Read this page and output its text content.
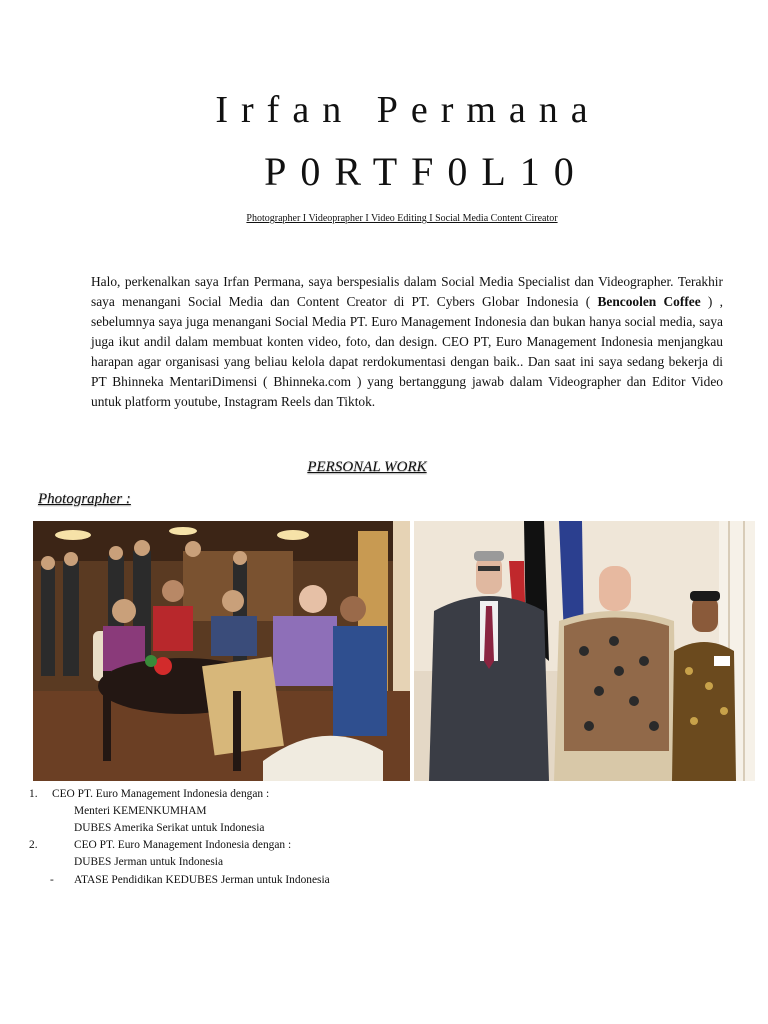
Irfan Permana
P0RTF0L10
Photographer I Videoprapher I Video Editing I Social Media Content Cireator

Halo, perkenalkan saya Irfan Permana, saya berspesialis dalam Social Media Specialist dan Videographer. Terakhir saya menangani Social Media dan Content Creator di PT. Cybers Globar Indonesia ( Bencoolen Coffee ) , sebelumnya saya juga menangani Social Media PT. Euro Management Indonesia dan bukan hanya social media, saya juga ikut andil dalam membuat konten video, foto, dan design. CEO PT, Euro Management Indonesia menjangkau harapan agar organisasi yang beliau kelola dapat rerdokumentasi dengan baik.. Dan saat ini saya sedang bekerja di PT Bhinneka MentariDimensi ( Bhinneka.com ) yang bertanggung jawab dalam Videographer dan Editor Video untuk platform youtube, Instagram Reels dan Tiktok.

PERSONAL WORK
Photographer :
1. CEO PT. Euro Management Indonesia dengan :
Menteri KEMENKUMHAM
DUBES Amerika Serikat untuk Indonesia
2.	CEO PT. Euro Management Indonesia dengan :
DUBES Jerman untuk Indonesia
- ATASE Pendidikan KEDUBES Jerman untuk Indonesia
